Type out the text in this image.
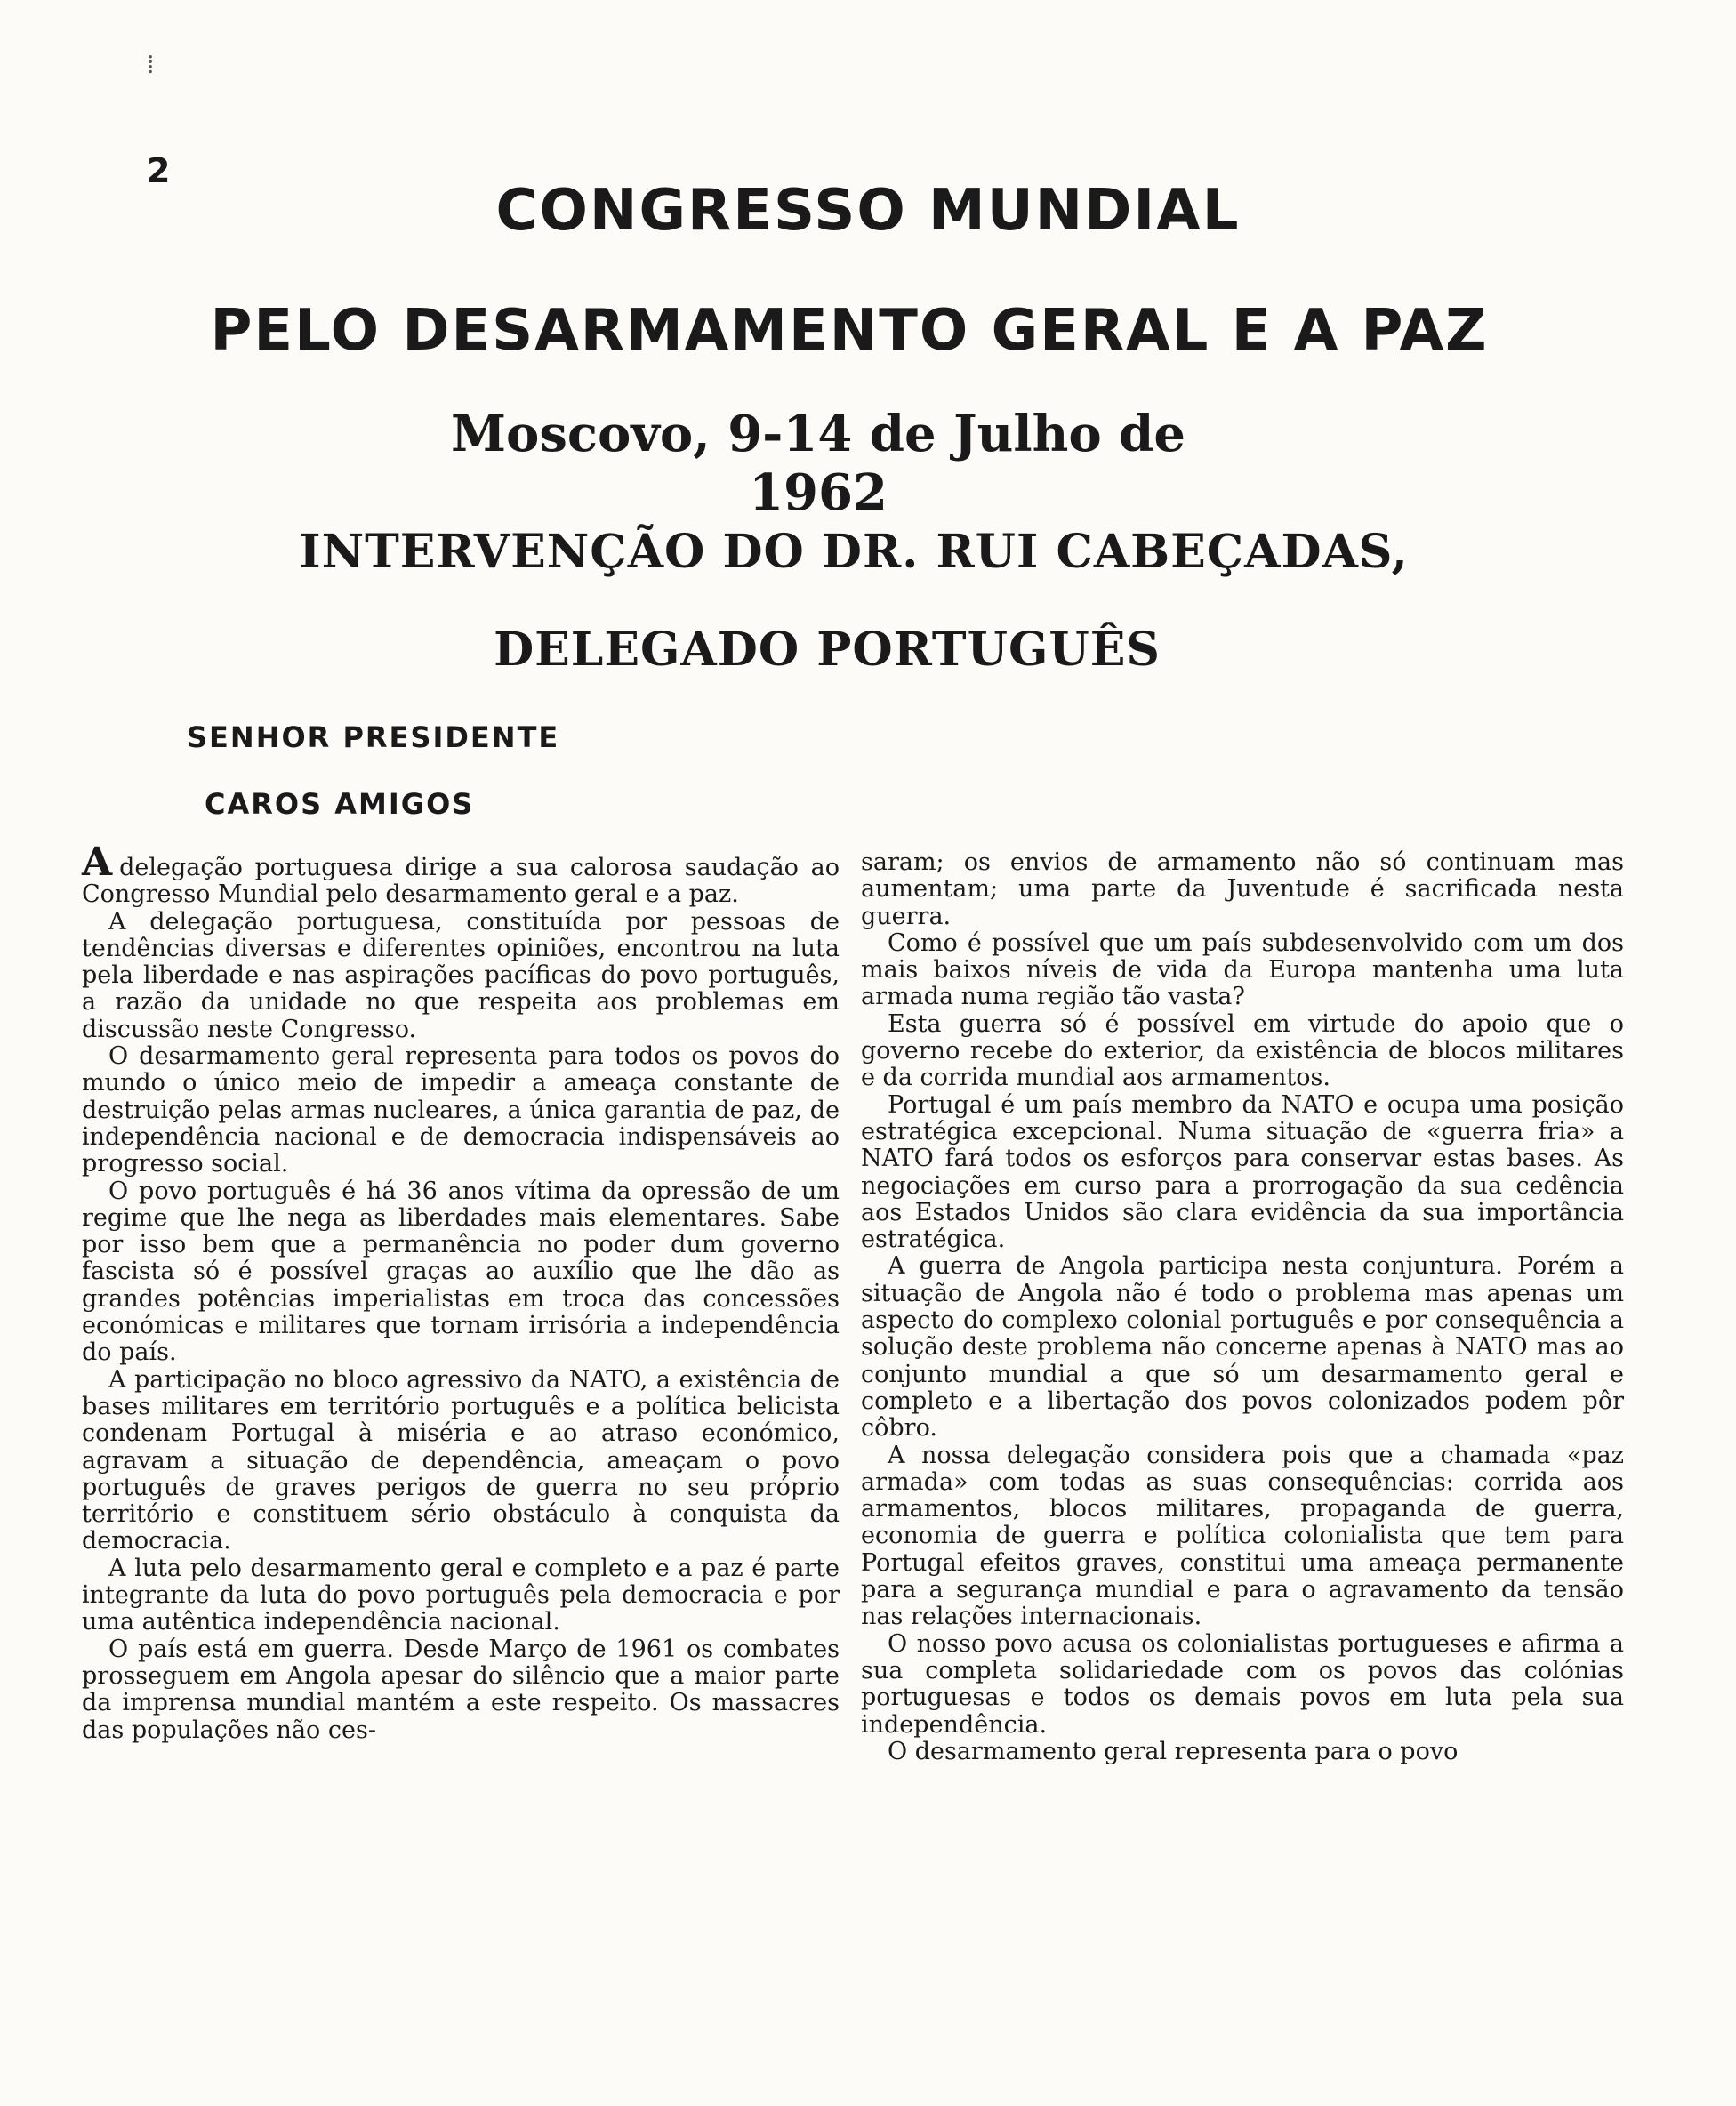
⁞
2
CONGRESSO MUNDIAL
PELO DESARMAMENTO GERAL E A PAZ
Moscovo, 9-14 de Julho de 1962
INTERVENÇÃO DO DR. RUI CABEÇADAS,
DELEGADO PORTUGUÊS
SENHOR PRESIDENTE
CAROS AMIGOS

Adelegação portuguesa dirige a sua calorosa saudação ao Congresso Mundial pelo desarmamento geral e a paz.

A delegação portuguesa, constituída por pessoas de tendências diversas e diferentes opiniões, encontrou na luta pela liberdade e nas aspirações pacíficas do povo português, a razão da unidade no que respeita aos problemas em discussão neste Congresso.

O desarmamento geral representa para todos os povos do mundo o único meio de impedir a ameaça constante de destruição pelas armas nucleares, a única garantia de paz, de independência nacional e de democracia indispensáveis ao progresso social.

O povo português é há 36 anos vítima da opressão de um regime que lhe nega as liberdades mais elementares. Sabe por isso bem que a permanência no poder dum governo fascista só é possível graças ao auxílio que lhe dão as grandes potências imperialistas em troca das concessões económicas e militares que tornam irrisória a independência do país.

A participação no bloco agressivo da NATO, a existência de bases militares em território português e a política belicista condenam Portugal à miséria e ao atraso económico, agravam a situação de dependência, ameaçam o povo português de graves perigos de guerra no seu próprio território e constituem sério obstáculo à conquista da democracia.

A luta pelo desarmamento geral e completo e a paz é parte integrante da luta do povo português pela democracia e por uma autêntica independência nacional.

O país está em guerra. Desde Março de 1961 os combates prosseguem em Angola apesar do silêncio que a maior parte da imprensa mundial mantém a este respeito. Os massacres das populações não ces-

saram; os envios de armamento não só continuam mas aumentam; uma parte da Juventude é sacrificada nesta guerra.

Como é possível que um país subdesenvolvido com um dos mais baixos níveis de vida da Europa mantenha uma luta armada numa região tão vasta?

Esta guerra só é possível em virtude do apoio que o governo recebe do exterior, da existência de blocos militares e da corrida mundial aos armamentos.

Portugal é um país membro da NATO e ocupa uma posição estratégica excepcional. Numa situação de «guerra fria» a NATO fará todos os esforços para conservar estas bases. As negociações em curso para a prorrogação da sua cedência aos Estados Unidos são clara evidência da sua importância estratégica.

A guerra de Angola participa nesta conjuntura. Porém a situação de Angola não é todo o problema mas apenas um aspecto do complexo colonial português e por consequência a solução deste problema não concerne apenas à NATO mas ao conjunto mundial a que só um desarmamento geral e completo e a libertação dos povos colonizados podem pôr côbro.

A nossa delegação considera pois que a chamada «paz armada» com todas as suas consequências: corrida aos armamentos, blocos militares, propaganda de guerra, economia de guerra e política colonialista que tem para Portugal efeitos graves, constitui uma ameaça permanente para a segurança mundial e para o agravamento da tensão nas relações internacionais.

O nosso povo acusa os colonialistas portugueses e afirma a sua completa solidariedade com os povos das colónias portuguesas e todos os demais povos em luta pela sua independência.

O desarmamento geral representa para o povo
